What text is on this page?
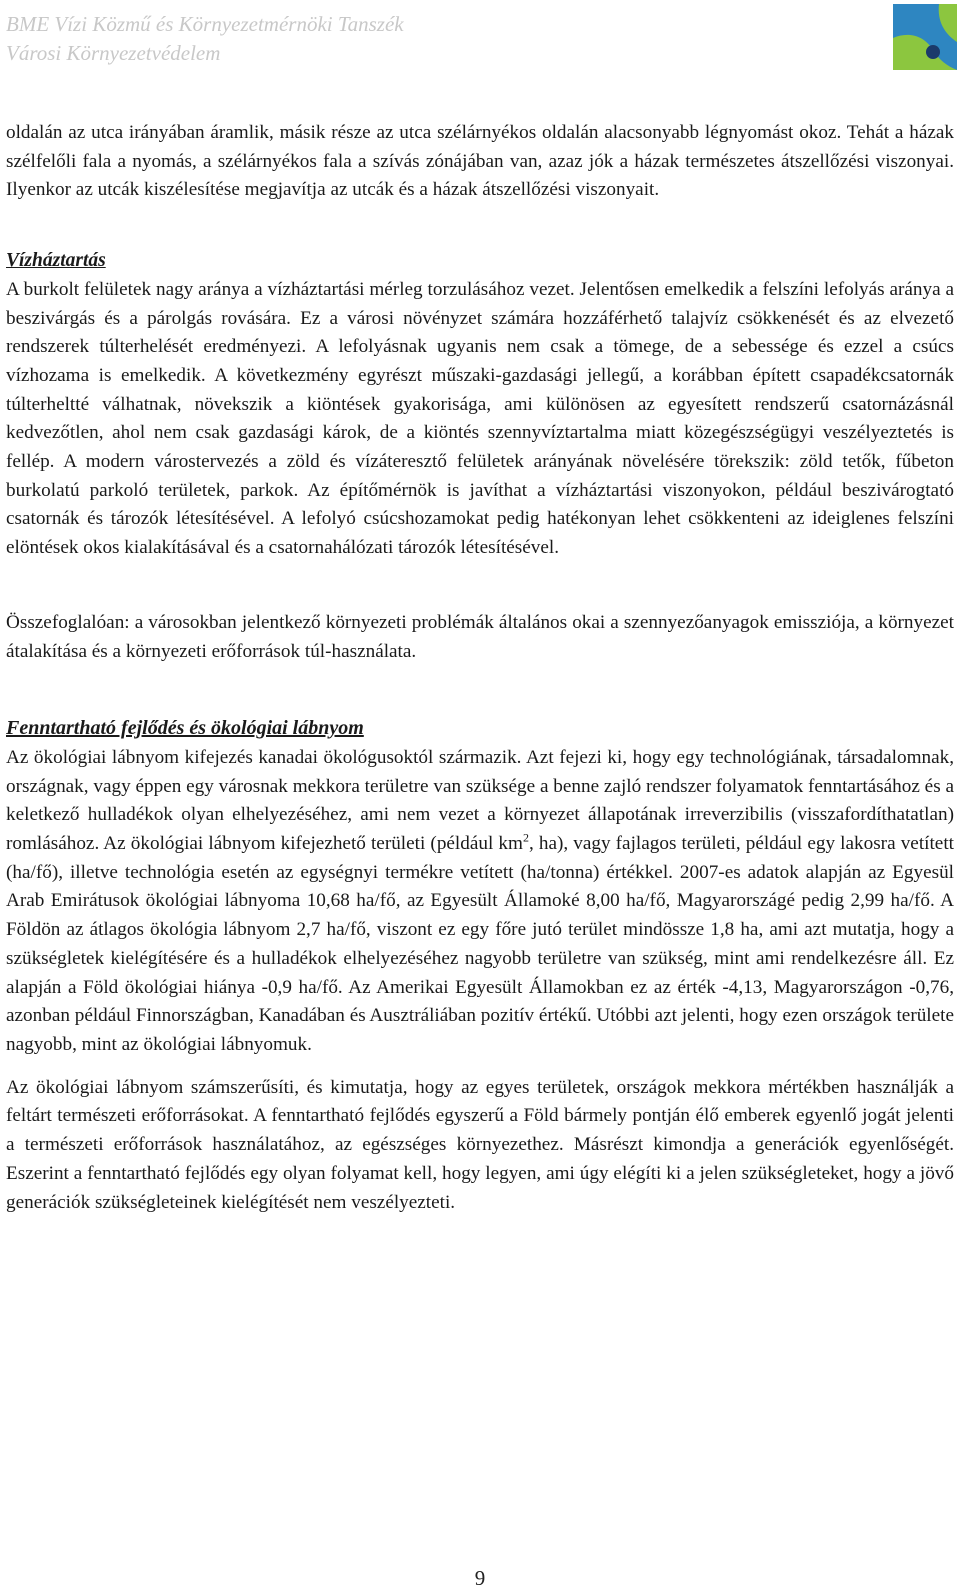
BME Vízi Közmű és Környezetmérnöki Tanszék
Városi Környezetvédelem

oldalán az utca irányában áramlik, másik része az utca szélárnyékos oldalán alacsonyabb légnyomást okoz. Tehát a házak szélfelőli fala a nyomás, a szélárnyékos fala a szívás zónájában van, azaz jók a házak természetes átszellőzési viszonyai. Ilyenkor az utcák kiszélesítése megjavítja az utcák és a házak átszellőzési viszonyait.

Vízháztartás

A burkolt felületek nagy aránya a vízháztartási mérleg torzulásához vezet. Jelentősen emelkedik a felszíni lefolyás aránya a beszivárgás és a párolgás rovására. Ez a városi növényzet számára hozzáférhető talajvíz csökkenését és az elvezető rendszerek túlterhelését eredményezi. A lefolyásnak ugyanis nem csak a tömege, de a sebessége és ezzel a csúcs vízhozama is emelkedik. A következmény egyrészt műszaki-gazdasági jellegű, a korábban épített csapadékcsatornák túlterheltté válhatnak, növekszik a kiöntések gyakorisága, ami különösen az egyesített rendszerű csatornázásnál kedvezőtlen, ahol nem csak gazdasági károk, de a kiöntés szennyvíztartalma miatt közegészségügyi veszélyeztetés is fellép. A modern várostervezés a zöld és vízáteresztő felületek arányának növelésére törekszik: zöld tetők, fűbeton burkolatú parkoló területek, parkok. Az építőmérnök is javíthat a vízháztartási viszonyokon, például beszivárogtató csatornák és tározók létesítésével. A lefolyó csúcshozamokat pedig hatékonyan lehet csökkenteni az ideiglenes felszíni elöntések okos kialakításával és a csatornahálózati tározók létesítésével.

Összefoglalóan: a városokban jelentkező környezeti problémák általános okai a szennyezőanyagok emissziója, a környezet átalakítása és a környezeti erőforrások túl-használata.

Fenntartható fejlődés és ökológiai lábnyom

Az ökológiai lábnyom kifejezés kanadai ökológusoktól származik. Azt fejezi ki, hogy egy technológiának, társadalomnak, országnak, vagy éppen egy városnak mekkora területre van szüksége a benne zajló rendszer folyamatok fenntartásához és a keletkező hulladékok olyan elhelyezéséhez, ami nem vezet a környezet állapotának irreverzibilis (visszafordíthatatlan) romlásához. Az ökológiai lábnyom kifejezhető területi (például $km^2$, ha), vagy fajlagos területi, például egy lakosra vetített (ha/fő), illetve technológia esetén az egységnyi termékre vetített (ha/tonna) értékkel. 2007-es adatok alapján az Egyesül Arab Emirátusok ökológiai lábnyoma 10,68 ha/fő, az Egyesült Államoké 8,00 ha/fő, Magyarországé pedig 2,99 ha/fő. A Földön az átlagos ökológia lábnyom 2,7 ha/fő, viszont ez egy főre jutó terület mindössze 1,8 ha, ami azt mutatja, hogy a szükségletek kielégítésére és a hulladékok elhelyezéséhez nagyobb területre van szükség, mint ami rendelkezésre áll. Ez alapján a Föld ökológiai hiánya -0,9 ha/fő. Az Amerikai Egyesült Államokban ez az érték -4,13, Magyarországon -0,76, azonban például Finnországban, Kanadában és Ausztráliában pozitív értékű. Utóbbi azt jelenti, hogy ezen országok területe nagyobb, mint az ökológiai lábnyomuk.

Az ökológiai lábnyom számszerűsíti, és kimutatja, hogy az egyes területek, országok mekkora mértékben használják a feltárt természeti erőforrásokat. A fenntartható fejlődés egyszerű a Föld bármely pontján élő emberek egyenlő jogát jelenti a természeti erőforrások használatához, az egészséges környezethez. Másrészt kimondja a generációk egyenlőségét. Eszerint a fenntartható fejlődés egy olyan folyamat kell, hogy legyen, ami úgy elégíti ki a jelen szükségleteket, hogy a jövő generációk szükségleteinek kielégítését nem veszélyezteti.

9
